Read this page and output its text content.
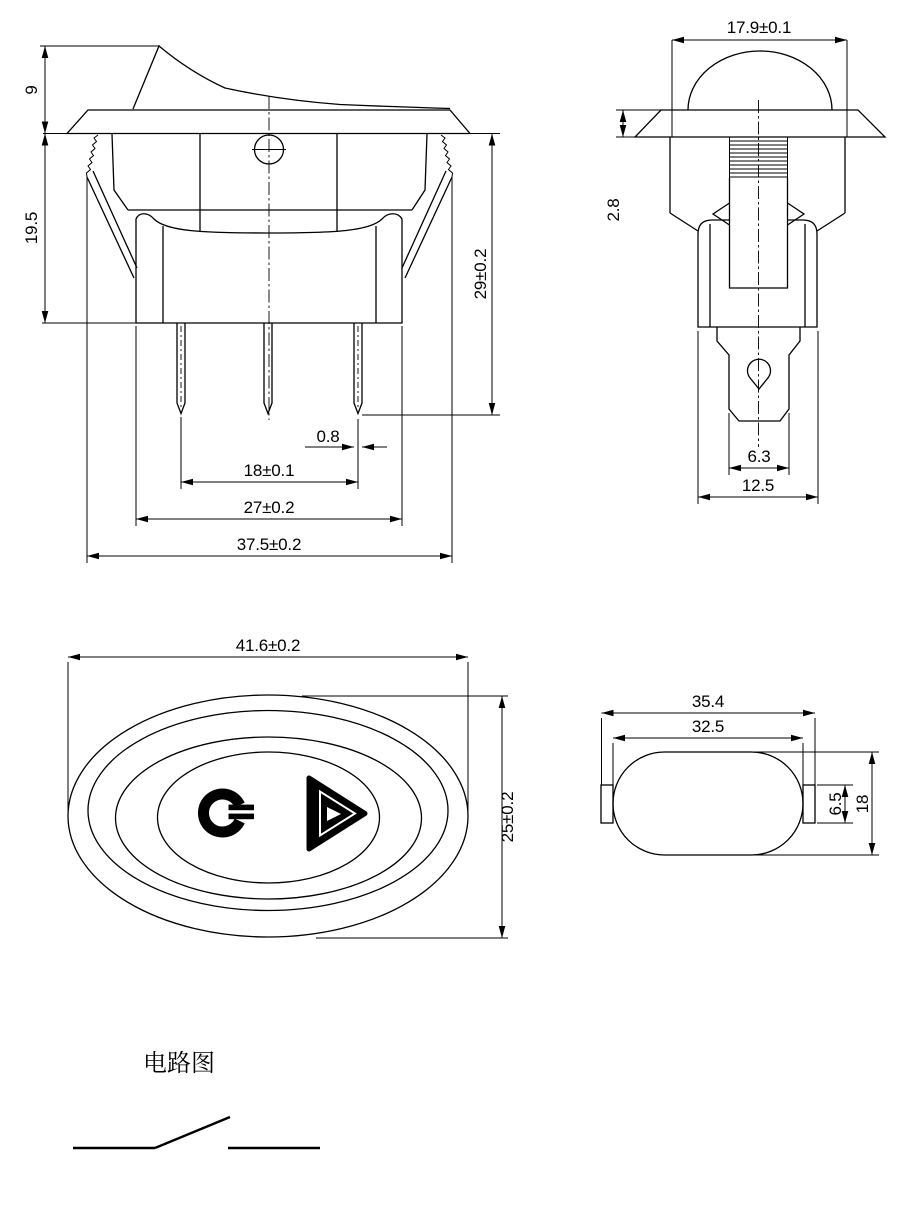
9
19.5
29±0.2
0.8
18±0.1
27±0.2
37.5±0.2
17.9±0.1
2.8
6.3
12.5
41.6±0.2
25±0.2
35.4
32.5
6.5 18
电路图
